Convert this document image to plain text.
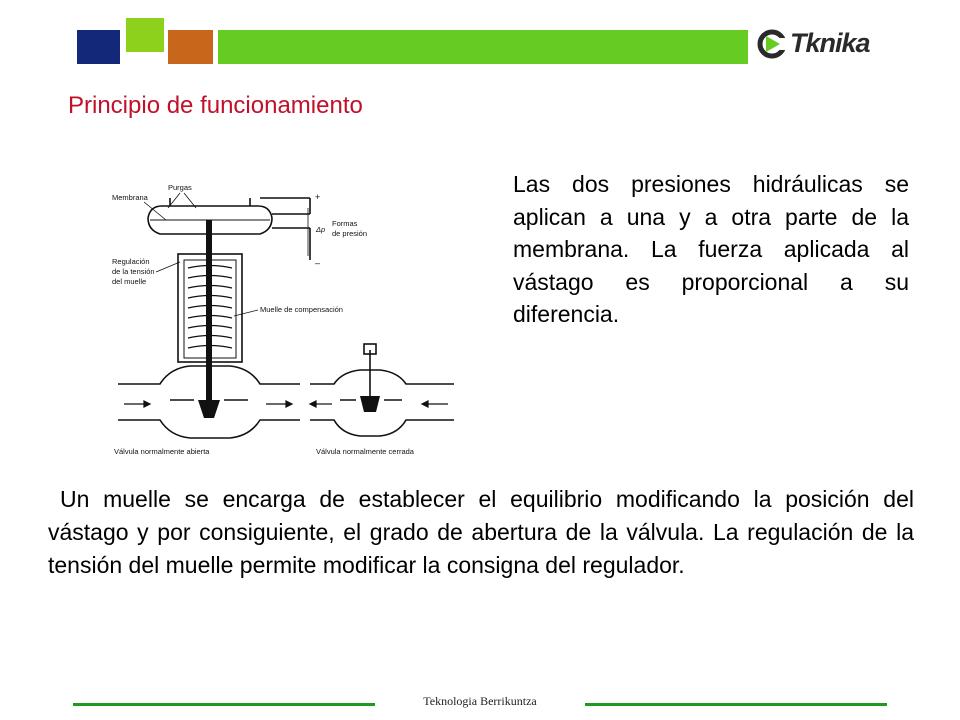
Tknika
Principio de funcionamiento
Membrana
Purgas
+
–
Δp
Formas
de presión
Regulación
de la tensión
del muelle
Muelle de compensación
Válvula normalmente abierta	Válvula normalmente cerrada

Las dos presiones hidráulicas se aplican a una y a otra parte de la membrana. La fuerza aplicada al vástago es proporcional a su diferencia.

Un muelle se encarga de establecer el equilibrio modificando la posición del vástago y por consiguiente, el grado de abertura de la válvula. La regulación de la tensión del muelle permite modificar la consigna del regulador.

Teknologia Berrikuntza
